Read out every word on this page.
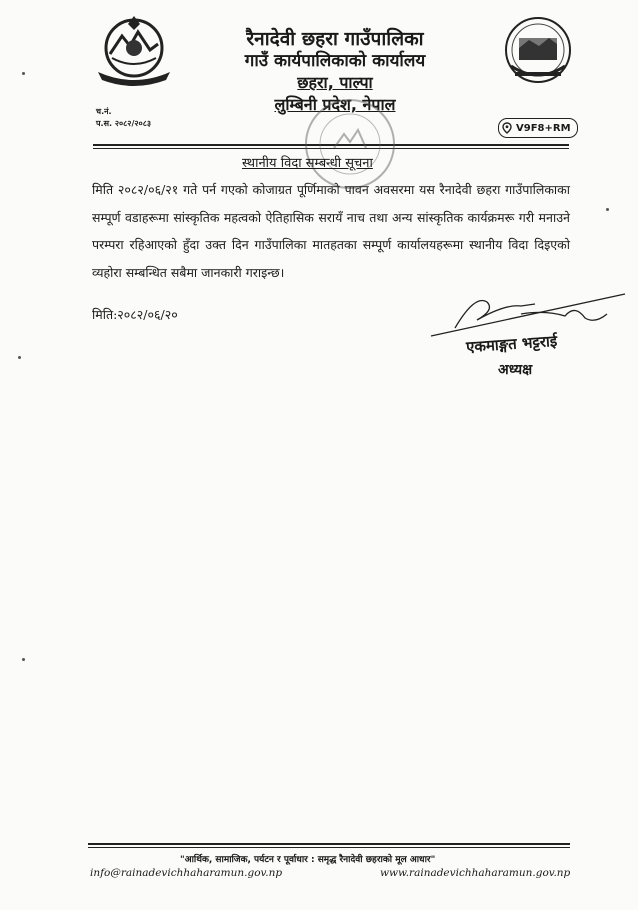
रैनादेवी छहरा गाउँपालिका
गाउँ कार्यपालिकाको कार्यालय
छहरा, पाल्पा
लुम्बिनी प्रदेश, नेपाल
च.नं.
प.स. २०८२/२०८३	V9F8+RM
स्थानीय विदा सम्बन्धी सूचना
मिति २०८२/०६/२१ गते पर्न गएको कोजाग्रत पूर्णिमाको पावन अवसरमा यस रैनादेवी छहरा गाउँपालिकाका सम्पूर्ण वडाहरूमा सांस्कृतिक महत्वको ऐतिहासिक सरायँ नाच तथा अन्य सांस्कृतिक कार्यक्रमरू गरी मनाउने परम्परा रहिआएको हुँदा उक्त दिन गाउँपालिका मातहतका सम्पूर्ण कार्यालयहरूमा स्थानीय विदा दिइएको व्यहोरा सम्बन्धित सबैमा जानकारी गराइन्छ।
मिति:२०८२/०६/२०
एकमाङ्गत भट्टराई
अध्यक्ष
"आर्थिक, सामाजिक, पर्यटन र पूर्वाधार : समृद्ध रैनादेवी छहराको मूल आधार"
info@rainadevichhaharamun.gov.np	www.rainadevichhaharamun.gov.np
